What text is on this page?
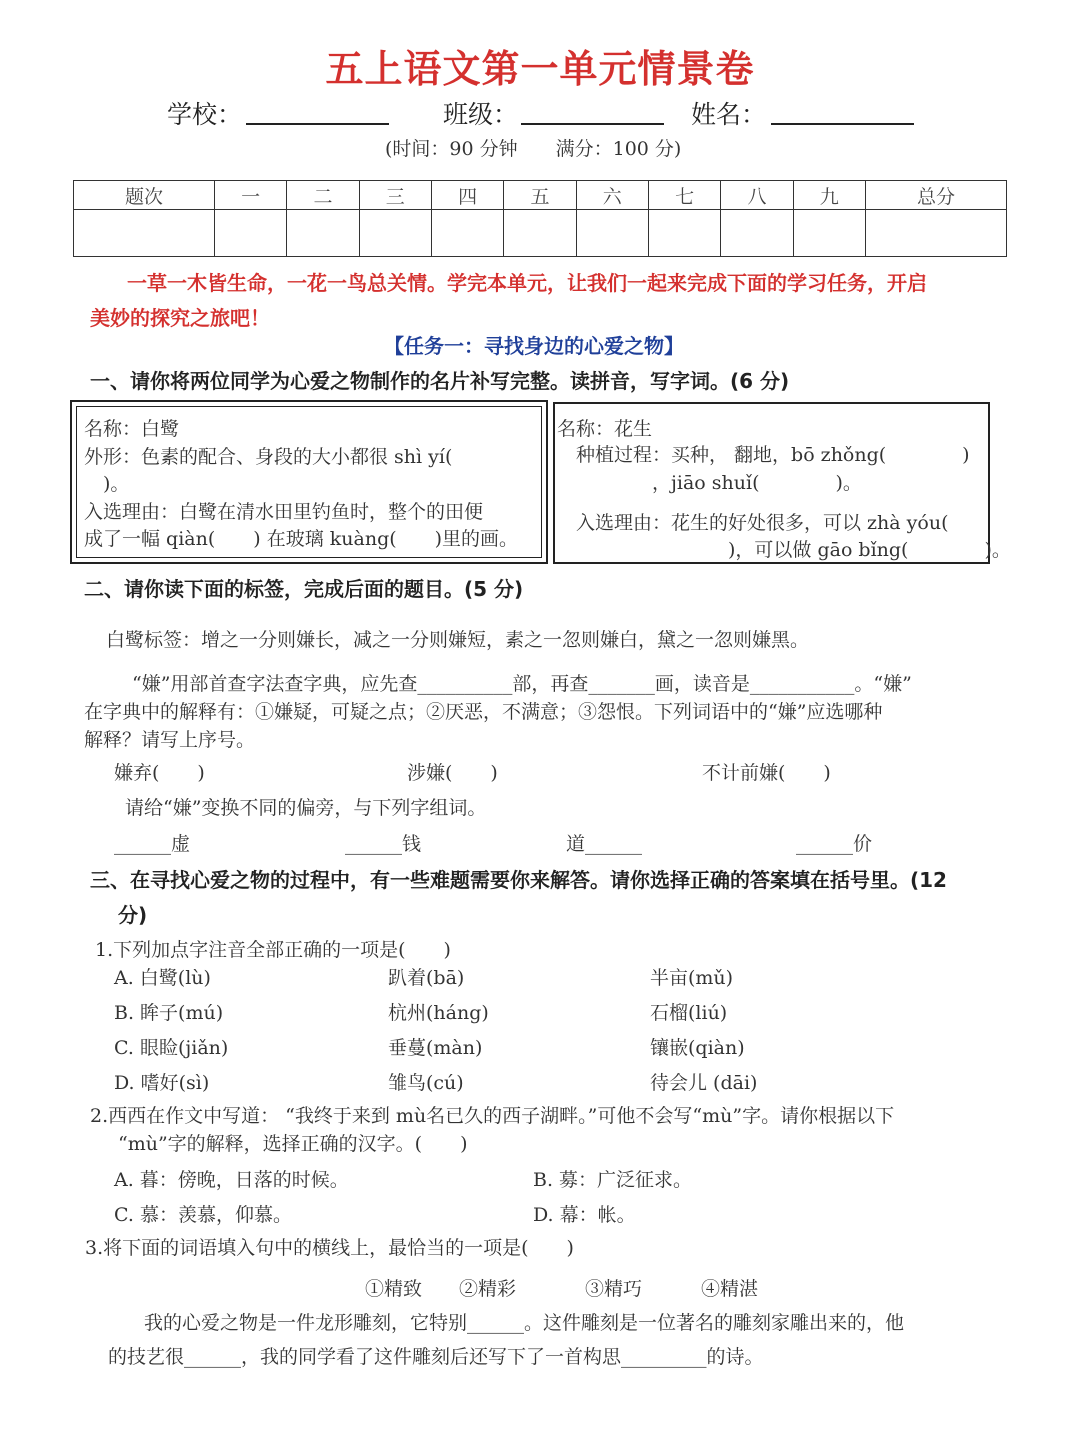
五上语文第一单元情景卷
学校：	班级：	姓名：
(时间：90 分钟　　满分：100 分)
题次	一	二	三	四	五	六	七	八	九	总分

一草一木皆生命，一花一鸟总关情。学完本单元，让我们一起来完成下面的学习任务，开启
美妙的探究之旅吧！
【任务一：寻找身边的心爱之物】
一、请你将两位同学为心爱之物制作的名片补写完整。读拼音，写字词。(6 分)
名称：白鹭
外形：色素的配合、身段的大小都很 shì yí(
　)。
入选理由：白鹭在清水田里钓鱼时，整个的田便
成了一幅 qiàn(　　) 在玻璃 kuàng(　　)里的画。
名称：花生
　种植过程：买种， 翻地，bō zhǒng(　　　　)
　　　　　，jiāo shuǐ(　　　　)。
　入选理由：花生的好处很多，可以 zhà yóu(
　　　　　　　　　)，可以做 gāo bǐng(　　　　)。
二、请你读下面的标签，完成后面的题目。(5 分)
白鹭标签：增之一分则嫌长，减之一分则嫌短，素之一忽则嫌白，黛之一忽则嫌黑。
“嫌”用部首查字法查字典，应先查__________部，再查_______画，读音是___________。“嫌”
在字典中的解释有：①嫌疑，可疑之点；②厌恶，不满意；③怨恨。下列词语中的“嫌”应选哪种
解释？请写上序号。
嫌弃(　　)	涉嫌(　　)	不计前嫌(　　)
请给“嫌”变换不同的偏旁，与下列字组词。
______虚	______钱	道______	______价
三、在寻找心爱之物的过程中，有一些难题需要你来解答。请你选择正确的答案填在括号里。(12
分)
1.下列加点字注音全部正确的一项是(　　)
A. 白鹭(lù)	趴着(bā)	半亩(mǔ)
B. 眸子(mú)	杭州(háng)	石榴(liú)
C. 眼睑(jiǎn)	垂蔓(màn)	镶嵌(qiàn)
D. 嗜好(sì)	雏鸟(cú)	待会儿 (dāi)
2.西西在作文中写道： “我终于来到 mù名已久的西子湖畔。”可他不会写“mù”字。请你根据以下
“mù”字的解释，选择正确的汉字。(　　)
A. 暮：傍晚，日落的时候。	B. 募：广泛征求。
C. 慕：羡慕，仰慕。	D. 幕：帐。
3.将下面的词语填入句中的横线上，最恰当的一项是(　　)
①精致 ②精彩	③精巧	④精湛
我的心爱之物是一件龙形雕刻，它特别______。这件雕刻是一位著名的雕刻家雕出来的，他
的技艺很______，我的同学看了这件雕刻后还写下了一首构思_________的诗。
